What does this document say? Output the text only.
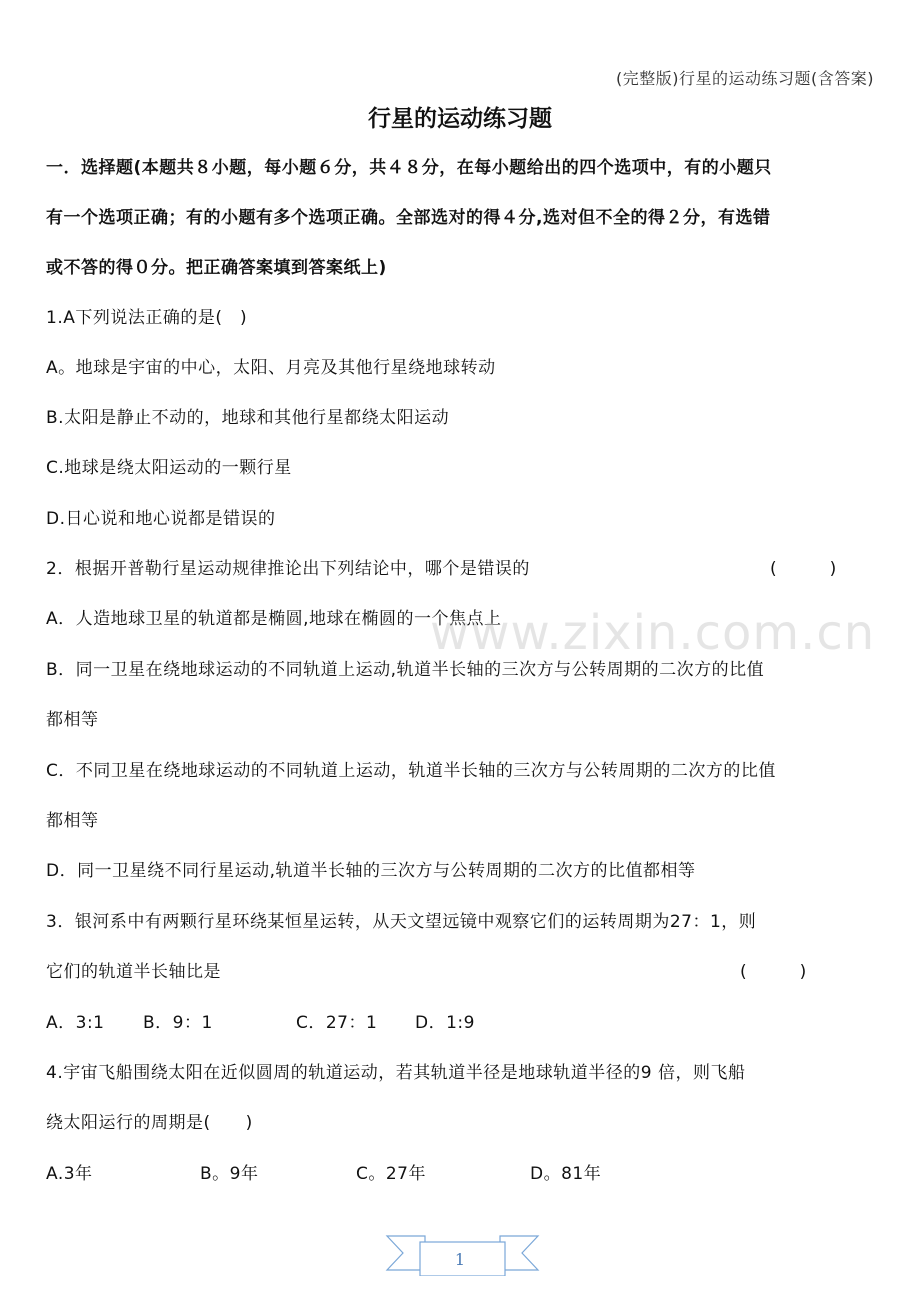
(完整版)行星的运动练习题(含答案)
行星的运动练习题
一．选择题(本题共８小题，每小题６分，共４８分，在每小题给出的四个选项中，有的小题只
有一个选项正确；有的小题有多个选项正确。全部选对的得４分,选对但不全的得２分，有选错
或不答的得０分。把正确答案填到答案纸上)
1.A下列说法正确的是(　)
A。地球是宇宙的中心，太阳、月亮及其他行星绕地球转动
B.太阳是静止不动的，地球和其他行星都绕太阳运动
C.地球是绕太阳运动的一颗行星
D.日心说和地心说都是错误的
2．根据开普勒行星运动规律推论出下列结论中，哪个是错误的	(　　　)
A．人造地球卫星的轨道都是椭圆,地球在椭圆的一个焦点上
B．同一卫星在绕地球运动的不同轨道上运动,轨道半长轴的三次方与公转周期的二次方的比值
都相等
C．不同卫星在绕地球运动的不同轨道上运动，轨道半长轴的三次方与公转周期的二次方的比值
都相等
D．同一卫星绕不同行星运动,轨道半长轴的三次方与公转周期的二次方的比值都相等
3．银河系中有两颗行星环绕某恒星运转，从天文望远镜中观察它们的运转周期为27：1，则
它们的轨道半长轴比是	(　　　)
A．3:1	B．9：1	C．27：1	D．1:9
4.宇宙飞船围绕太阳在近似圆周的轨道运动，若其轨道半径是地球轨道半径的9 倍，则飞船
绕太阳运行的周期是(　　)
A.3年	B。9年	C。27年	D。81年
www.zixin.com.cn
1
